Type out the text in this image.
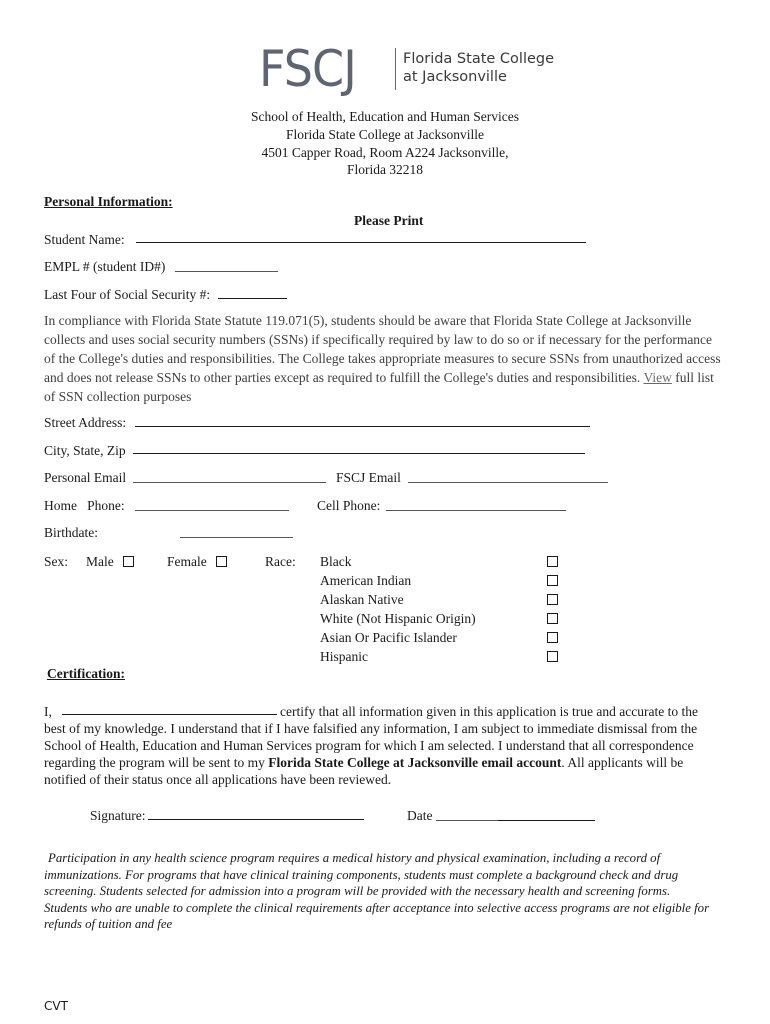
FSCJ	Florida State College
at Jacksonville
School of Health, Education and Human Services
Florida State College at Jacksonville
4501 Capper Road, Room A224 Jacksonville,
Florida 32218
Personal Information:
Please Print
Student Name:
EMPL # (student ID#)
Last Four of Social Security #:
In compliance with Florida State Statute 119.071(5), students should be aware that Florida State College at Jacksonville collects and uses social security numbers (SSNs) if specifically required by law to do so or if necessary for the performance of the College's duties and responsibilities. The College takes appropriate measures to secure SSNs from unauthorized access and does not release SSNs to other parties except as required to fulfill the College's duties and responsibilities. View full list of SSN collection purposes
Street Address:
City, State, Zip
Personal Email	FSCJ Email
Home   Phone:	Cell Phone:
Birthdate:
Sex: Male	Female	Race: Black
American Indian
Alaskan Native
White (Not Hispanic Origin)
Asian Or Pacific Islander
Hispanic
Certification:
I,	certify that all information given in this application is true and accurate to the
best of my knowledge. I understand that if I have falsified any information, I am subject to immediate dismissal from the
School of Health, Education and Human Services program for which I am selected. I understand that all correspondence
regarding the program will be sent to my Florida State College at Jacksonville email account. All applicants will be
notified of their status once all applications have been reviewed.
Signature:	Date
Participation in any health science program requires a medical history and physical examination, including a record of immunizations. For programs that have clinical training components, students must complete a background check and drug screening. Students selected for admission into a program will be provided with the necessary health and screening forms.
Students who are unable to complete the clinical requirements after acceptance into selective access programs are not eligible for refunds of tuition and fee
CVT
